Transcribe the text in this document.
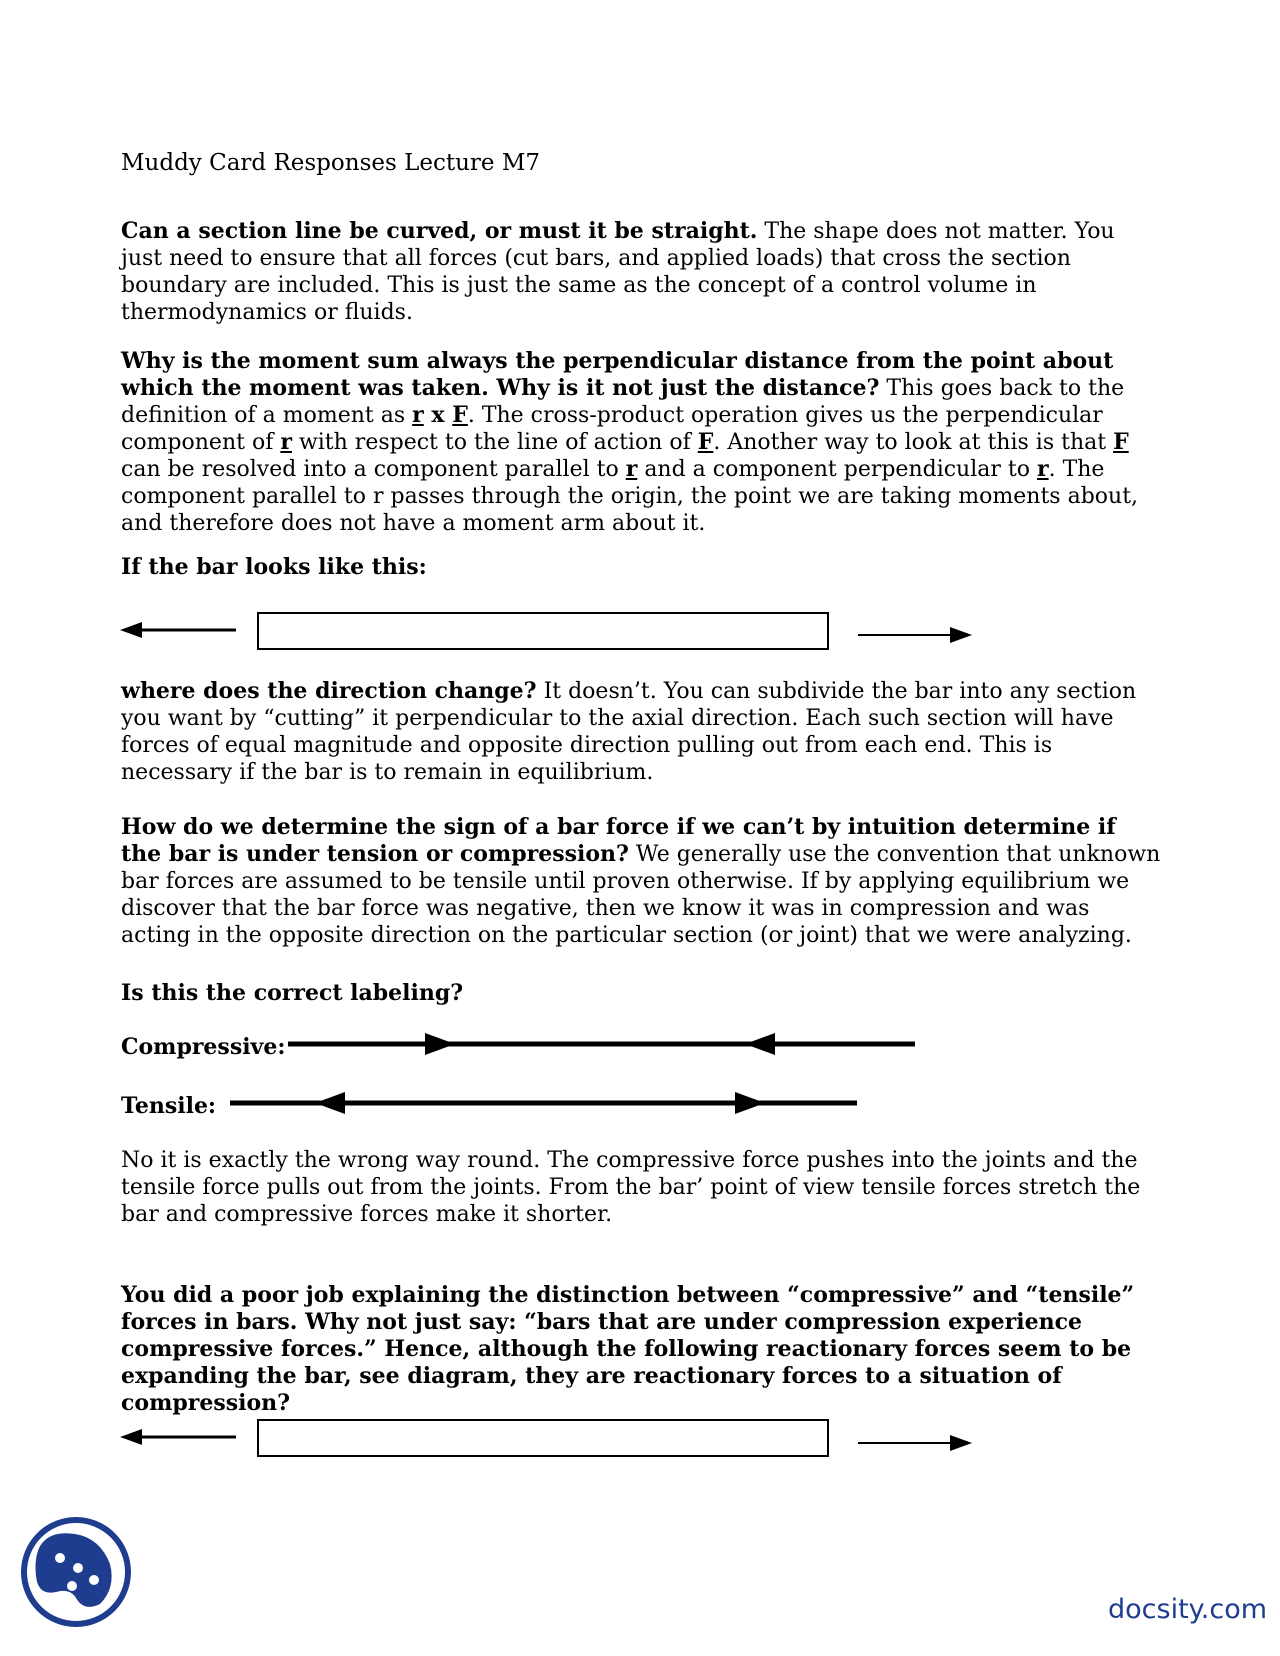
Muddy Card Responses Lecture M7

Can a section line be curved, or must it be straight. The shape does not matter. You just need to ensure that all forces (cut bars, and applied loads) that cross the section boundary are included. This is just the same as the concept of a control volume in thermodynamics or fluids.

Why is the moment sum always the perpendicular distance from the point about which the moment was taken. Why is it not just the distance? This goes back to the definition of a moment as r x F. The cross-product operation gives us the perpendicular component of r with respect to the line of action of F. Another way to look at this is that F can be resolved into a component parallel to r and a component perpendicular to r. The component parallel to r passes through the origin, the point we are taking moments about, and therefore does not have a moment arm about it.

If the bar looks like this:

where does the direction change? It doesn’t. You can subdivide the bar into any section you want by “cutting” it perpendicular to the axial direction. Each such section will have forces of equal magnitude and opposite direction pulling out from each end. This is necessary if the bar is to remain in equilibrium.

How do we determine the sign of a bar force if we can’t by intuition determine if the bar is under tension or compression? We generally use the convention that unknown bar forces are assumed to be tensile until proven otherwise. If by applying equilibrium we discover that the bar force was negative, then we know it was in compression and was acting in the opposite direction on the particular section (or joint) that we were analyzing.

Is this the correct labeling?

Compressive:
Tensile:

No it is exactly the wrong way round. The compressive force pushes into the joints and the tensile force pulls out from the joints. From the bar’ point of view tensile forces stretch the bar and compressive forces make it shorter.

You did a poor job explaining the distinction between “compressive” and “tensile” forces in bars. Why not just say: “bars that are under compression experience compressive forces.” Hence, although the following reactionary forces seem to be expanding the bar, see diagram, they are reactionary forces to a situation of compression?

docsity.com
